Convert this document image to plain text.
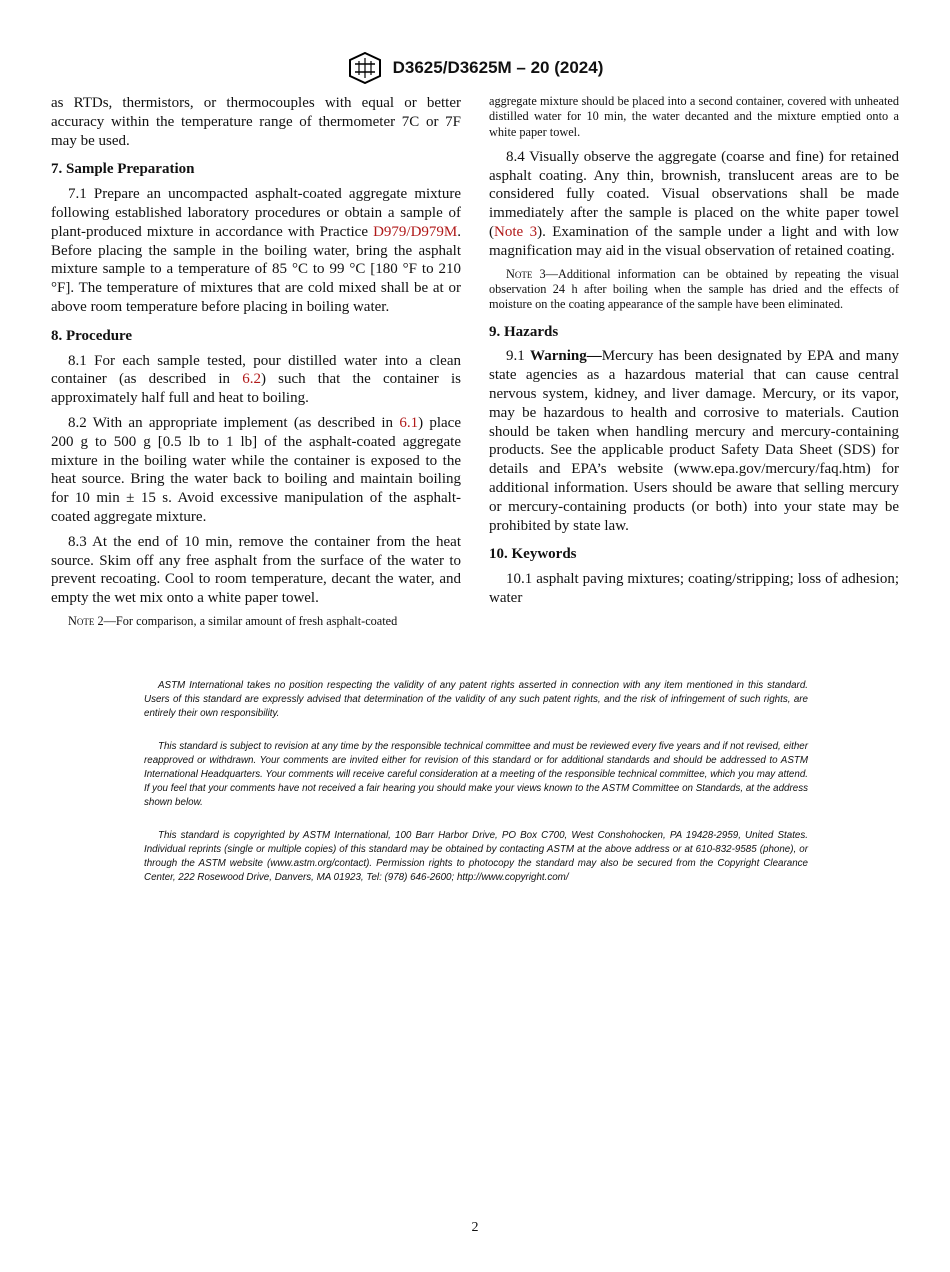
D3625/D3625M – 20 (2024)

as RTDs, thermistors, or thermocouples with equal or better accuracy within the temperature range of thermometer 7C or 7F may be used.

7. Sample Preparation

7.1 Prepare an uncompacted asphalt-coated aggregate mixture following established laboratory procedures or obtain a sample of plant-produced mixture in accordance with Practice D979/D979M. Before placing the sample in the boiling water, bring the asphalt mixture sample to a temperature of 85 °C to 99 °C [180 °F to 210 °F]. The temperature of mixtures that are cold mixed shall be at or above room temperature before placing in boiling water.

8. Procedure

8.1 For each sample tested, pour distilled water into a clean container (as described in 6.2) such that the container is approximately half full and heat to boiling.

8.2 With an appropriate implement (as described in 6.1) place 200 g to 500 g [0.5 lb to 1 lb] of the asphalt-coated aggregate mixture in the boiling water while the container is exposed to the heat source. Bring the water back to boiling and maintain boiling for 10 min ± 15 s. Avoid excessive manipulation of the asphalt-coated aggregate mixture.

8.3 At the end of 10 min, remove the container from the heat source. Skim off any free asphalt from the surface of the water to prevent recoating. Cool to room temperature, decant the water, and empty the wet mix onto a white paper towel.

Note 2—For comparison, a similar amount of fresh asphalt-coated

aggregate mixture should be placed into a second container, covered with unheated distilled water for 10 min, the water decanted and the mixture emptied onto a white paper towel.

8.4 Visually observe the aggregate (coarse and fine) for retained asphalt coating. Any thin, brownish, translucent areas are to be considered fully coated. Visual observations shall be made immediately after the sample is placed on the white paper towel (Note 3). Examination of the sample under a light and with low magnification may aid in the visual observation of retained coating.

Note 3—Additional information can be obtained by repeating the visual observation 24 h after boiling when the sample has dried and the effects of moisture on the coating appearance of the sample have been eliminated.

9. Hazards

9.1 Warning—Mercury has been designated by EPA and many state agencies as a hazardous material that can cause central nervous system, kidney, and liver damage. Mercury, or its vapor, may be hazardous to health and corrosive to materials. Caution should be taken when handling mercury and mercury-containing products. See the applicable product Safety Data Sheet (SDS) for details and EPA’s website (www.epa.gov/mercury/faq.htm) for additional information. Users should be aware that selling mercury or mercury-containing products (or both) into your state may be prohibited by state law.

10. Keywords

10.1 asphalt paving mixtures; coating/stripping; loss of adhesion; water

ASTM International takes no position respecting the validity of any patent rights asserted in connection with any item mentioned in this standard. Users of this standard are expressly advised that determination of the validity of any such patent rights, and the risk of infringement of such rights, are entirely their own responsibility.

This standard is subject to revision at any time by the responsible technical committee and must be reviewed every five years and if not revised, either reapproved or withdrawn. Your comments are invited either for revision of this standard or for additional standards and should be addressed to ASTM International Headquarters. Your comments will receive careful consideration at a meeting of the responsible technical committee, which you may attend. If you feel that your comments have not received a fair hearing you should make your views known to the ASTM Committee on Standards, at the address shown below.

This standard is copyrighted by ASTM International, 100 Barr Harbor Drive, PO Box C700, West Conshohocken, PA 19428-2959, United States. Individual reprints (single or multiple copies) of this standard may be obtained by contacting ASTM at the above address or at 610-832-9585 (phone), or through the ASTM website (www.astm.org/contact). Permission rights to photocopy the standard may also be secured from the Copyright Clearance Center, 222 Rosewood Drive, Danvers, MA 01923, Tel: (978) 646-2600; http://www.copyright.com/

2
